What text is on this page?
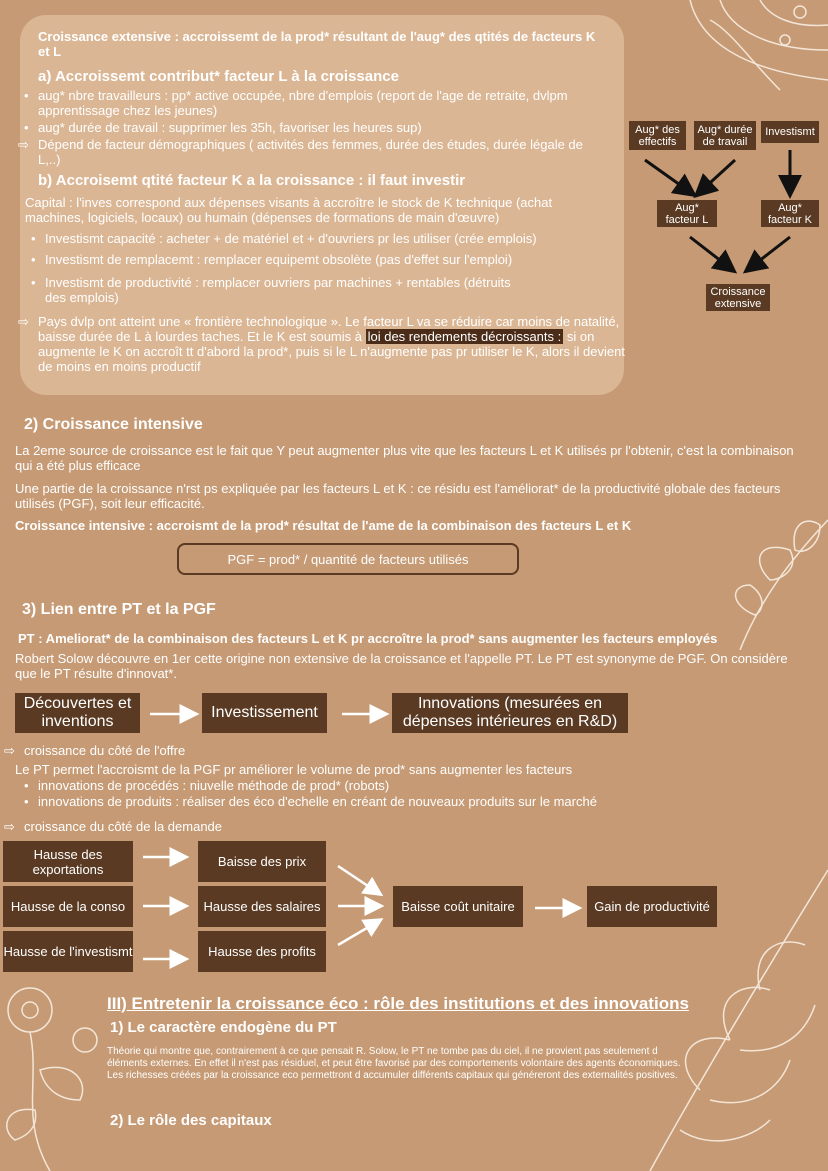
Croissance extensive : accroissemt de la prod* résultant de l'aug* des qtités de facteurs K et L
a) Accroissemt contribut* facteur L à la croissance
• aug* nbre travailleurs : pp* active occupée, nbre d'emplois (report de l'age de retraite, dvlpm apprentissage chez les jeunes)
• aug* durée de travail : supprimer les 35h, favoriser les heures sup)
⇨ Dépend de facteur démographiques ( activités des femmes, durée des études, durée légale de L,..)
b) Accroisemt qtité facteur K a la croissance : il faut investir
Capital : l'inves correspond aux dépenses visants à accroître le stock de K technique (achat machines, logiciels, locaux) ou humain (dépenses de formations de main d'œuvre)
• Investismt capacité : acheter + de matériel et + d'ouvriers pr les utiliser (crée emplois)
• Investismt de remplacemt : remplacer equipemt obsolète (pas d'effet sur l'emploi)
• Investismt de productivité : remplacer ouvriers par machines + rentables (détruits des emplois)
⇨ Pays dvlp ont atteint une « frontière technologique ». Le facteur L va se réduire car moins de natalité, baisse durée de L à lourdes taches. Et le K est soumis à loi des rendements décroissants : si on augmente le K on accroît tt d'abord la prod*, puis si le L n'augmente pas pr utiliser le K, alors il devient de moins en moins productif
Aug* des effectifs
Aug* durée de travail
Investismt
Aug* facteur L
Aug* facteur K
Croissance extensive
2) Croissance intensive
La 2eme source de croissance est le fait que Y peut augmenter plus vite que les facteurs L et K utilisés pr l'obtenir, c'est la combinaison qui a été plus efficace
Une partie de la croissance n'rst ps expliquée par les facteurs L et K : ce résidu est l'améliorat* de la productivité globale des facteurs utilisés (PGF), soit leur efficacité.
Croissance intensive : accroismt de la prod* résultat de l'ame de la combinaison des facteurs L et K
PGF = prod* / quantité de facteurs utilisés
3) Lien entre PT et la PGF
PT : Ameliorat* de la combinaison des facteurs L et K pr accroître la prod* sans augmenter les facteurs employés
Robert Solow découvre en 1er cette origine non extensive de la croissance et l'appelle PT. Le PT est synonyme de PGF. On considère que le PT résulte d'innovat*.
Découvertes et inventions
Investissement
Innovations (mesurées en dépenses intérieures en R&D)
⇨ croissance du côté de l'offre
Le PT permet l'accroismt de la PGF pr améliorer le volume de prod* sans augmenter les facteurs
• innovations de procédés : niuvelle méthode de prod* (robots)
• innovations de produits : réaliser des éco d'echelle en créant de nouveaux produits sur le marché
⇨ croissance du côté de la demande
Hausse des exportations
Hausse de la conso
Hausse de l'investismt
Baisse des prix
Hausse des salaires
Hausse des profits
Baisse coût unitaire	Gain de productivité
III) Entretenir la croissance éco : rôle des institutions et des innovations
1) Le caractère endogène du PT
Théorie qui montre que, contrairement à ce que pensait R. Solow, le PT ne tombe pas du ciel, il ne provient pas seulement d éléments externes. En effet il n'est pas résiduel, et peut être favorisé par des comportements volontaire des agents économiques. Les richesses créées par la croissance eco permettront d accumuler différents capitaux qui généreront des externalités positives.
2) Le rôle des capitaux
